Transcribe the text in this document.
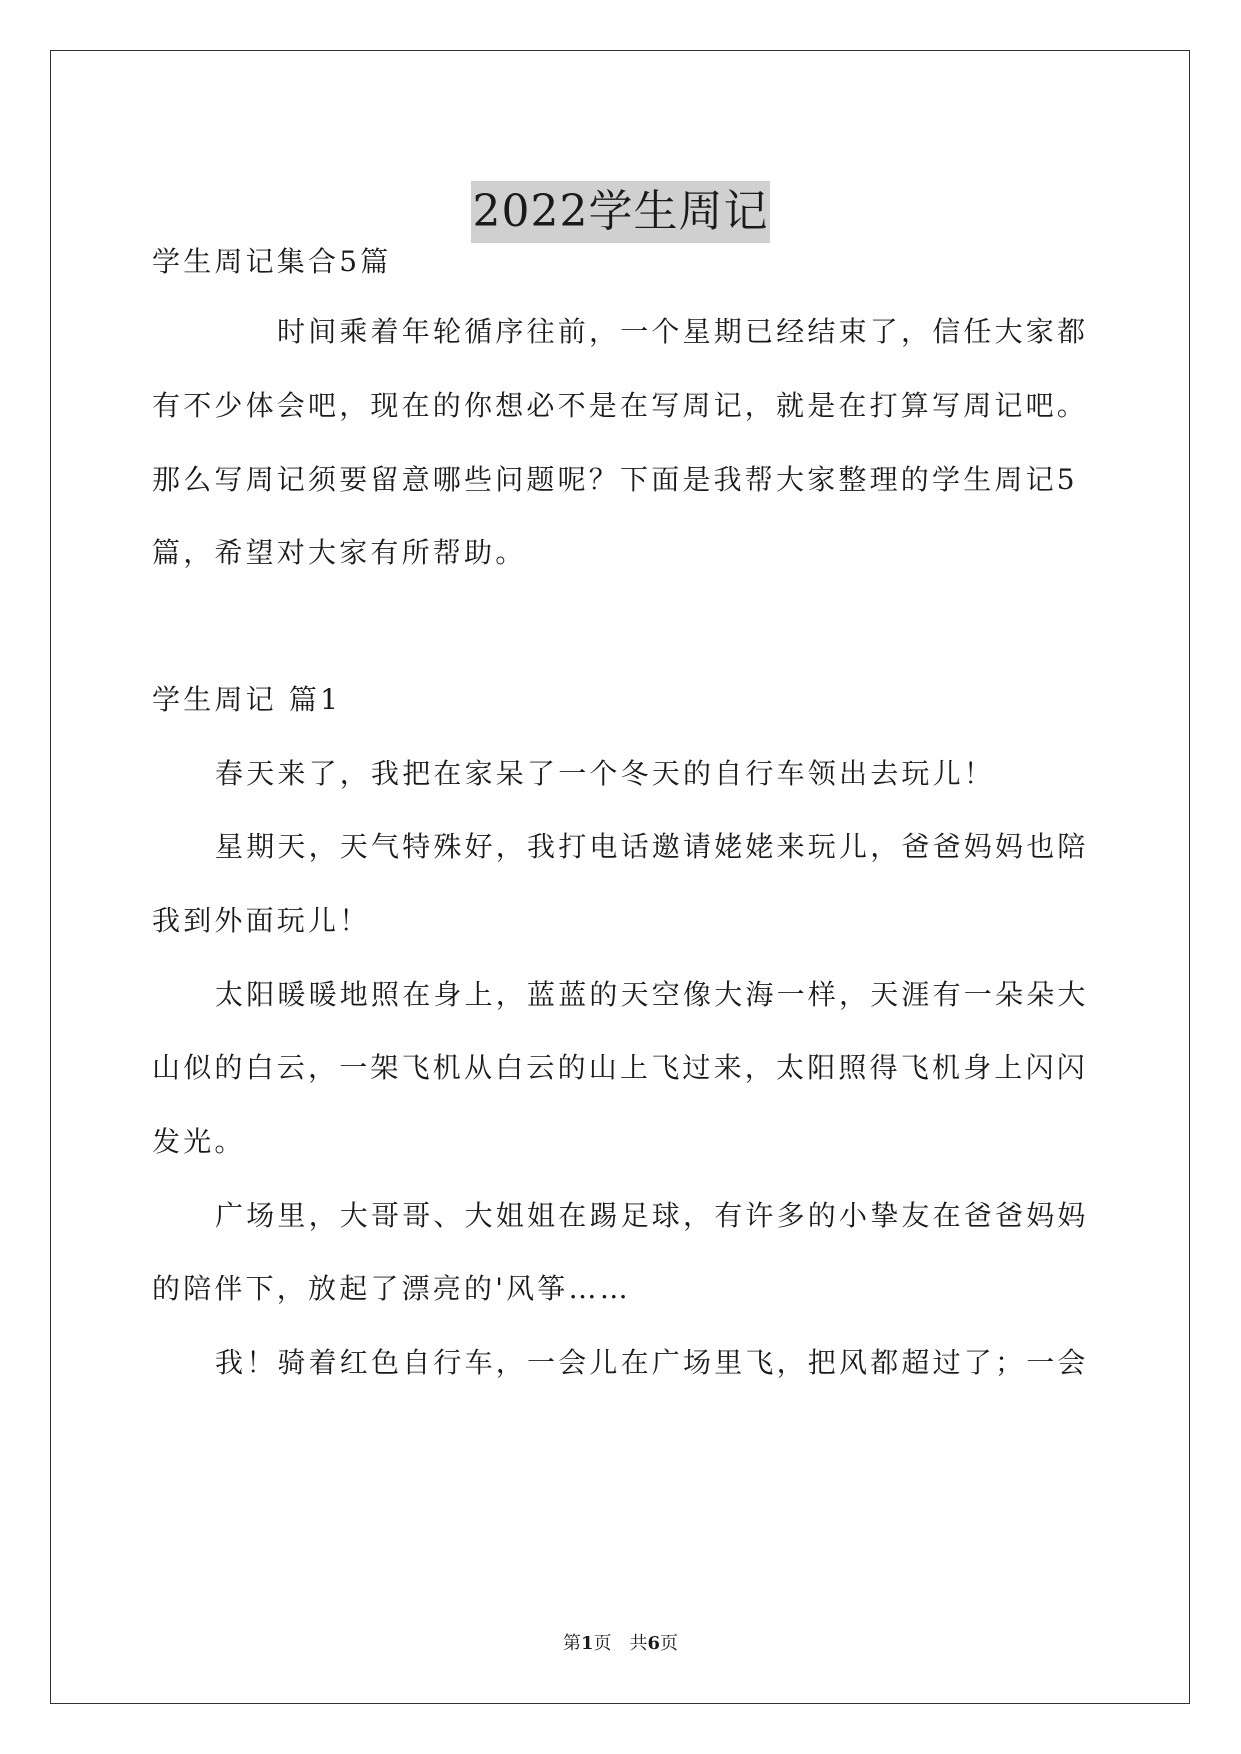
2022学生周记
学生周记集合5篇
时间乘着年轮循序往前，一个星期已经结束了，信任大家都
有不少体会吧，现在的你想必不是在写周记，就是在打算写周记吧。
那么写周记须要留意哪些问题呢？下面是我帮大家整理的学生周记5
篇，希望对大家有所帮助。
学生周记 篇1
春天来了，我把在家呆了一个冬天的自行车领出去玩儿！
星期天，天气特殊好，我打电话邀请姥姥来玩儿，爸爸妈妈也陪
我到外面玩儿！
太阳暖暖地照在身上，蓝蓝的天空像大海一样，天涯有一朵朵大
山似的白云，一架飞机从白云的山上飞过来，太阳照得飞机身上闪闪
发光。
广场里，大哥哥、大姐姐在踢足球，有许多的小挚友在爸爸妈妈
的陪伴下，放起了漂亮的'风筝……
我！骑着红色自行车，一会儿在广场里飞，把风都超过了；一会
第1页　共6页
